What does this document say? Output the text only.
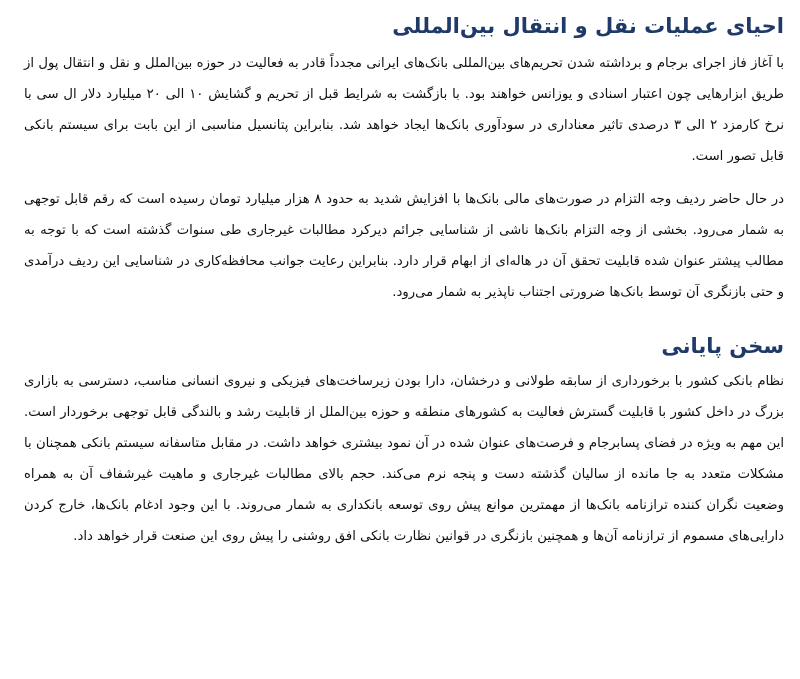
احیای عملیات نقل و انتقال بین‌المللی

با آغاز فاز اجرای برجام و برداشته شدن تحریم‌های بین‌المللی بانک‌های ایرانی مجدداً قادر به فعالیت در حوزه بین‌الملل و نقل و انتقال پول از طریق ابزارهایی چون اعتبار اسنادی و یوزانس خواهند بود. با بازگشت به شرایط قبل از تحریم و گشایش ۱۰ الی ۲۰ میلیارد دلار ال سی با نرخ کارمزد ۲ الی ۳ درصدی تاثیر معناداری در سودآوری بانک‌ها ایجاد خواهد شد. بنابراین پتانسیل مناسبی از این بابت برای سیستم بانکی قابل تصور است.

در حال حاضر ردیف وجه التزام در صورت‌های مالی بانک‌ها با افزایش شدید به حدود ۸ هزار میلیارد تومان رسیده است که رقم قابل توجهی به شمار می‌رود. بخشی از وجه التزام بانک‌ها ناشی از شناسایی جرائم دیرکرد مطالبات غیرجاری طی سنوات گذشته است که با توجه به مطالب پیشتر عنوان شده قابلیت تحقق آن در هاله‌ای از ابهام قرار دارد. بنابراین رعایت جوانب محافظه‌کاری در شناسایی این ردیف درآمدی و حتی بازنگری آن توسط بانک‌ها ضرورتی اجتناب ناپذیر به شمار می‌رود.

سخن پایانی

نظام بانکی کشور با برخورداری از سابقه طولانی و درخشان، دارا بودن زیرساخت‌های فیزیکی و نیروی انسانی مناسب، دسترسی به بازاری بزرگ در داخل کشور با قابلیت گسترش فعالیت به کشورهای منطقه و حوزه بین‌الملل از قابلیت رشد و بالندگی قابل توجهی برخوردار است. این مهم به ویژه در فضای پسابرجام و فرصت‌های عنوان شده در آن نمود بیشتری خواهد داشت. در مقابل متاسفانه سیستم بانکی همچنان با مشکلات متعدد به جا مانده از سالیان گذشته دست و پنجه نرم می‌کند. حجم بالای مطالبات غیرجاری و ماهیت غیرشفاف آن به همراه وضعیت نگران کننده ترازنامه بانک‌ها از مهمترین موانع پیش روی توسعه بانکداری به شمار می‌روند. با این وجود ادغام بانک‌ها، خارج کردن دارایی‌های مسموم از ترازنامه آن‌ها و همچنین بازنگری در قوانین نظارت بانکی افق روشنی را پیش روی این صنعت قرار خواهد داد.
